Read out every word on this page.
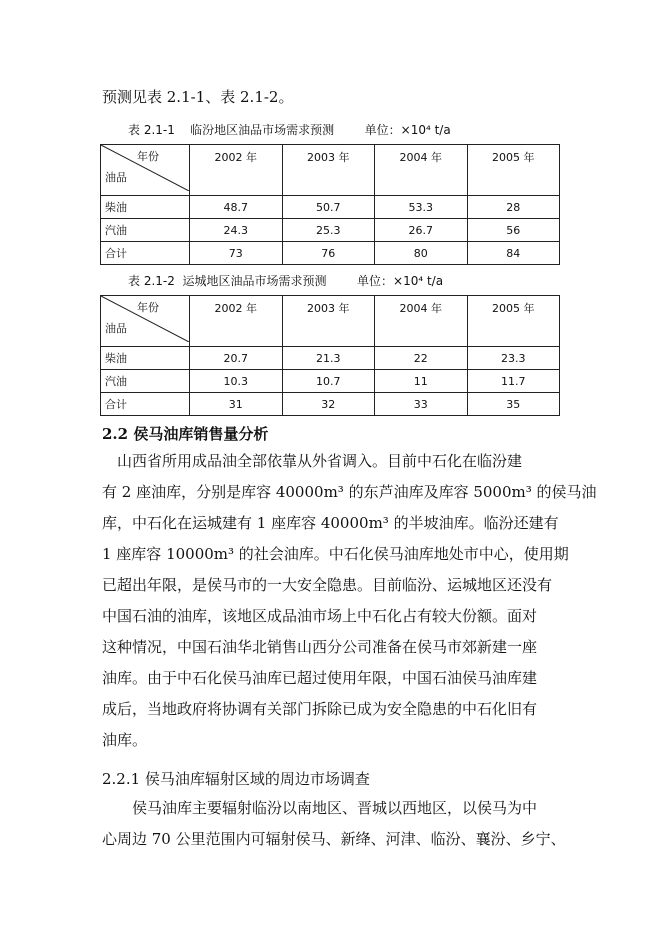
预测见表 2.1-1、表 2.1-2。
表 2.1-1    临汾地区油品市场需求预测        单位：×10⁴ t/a
年份
油品	2002 年	2003 年	2004 年	2005 年
柴油	48.7	50.7	53.3	28
汽油	24.3	25.3	26.7	56
合计	73	76	80	84
表 2.1-2  运城地区油品市场需求预测        单位：×10⁴ t/a
年份
油品	2002 年	2003 年	2004 年	2005 年
柴油	20.7	21.3	22	23.3
汽油	10.3	10.7	11	11.7
合计	31	32	33	35
2.2 侯马油库销售量分析

　山西省所用成品油全部依靠从外省调入。目前中石化在临汾建

有 2 座油库，分别是库容 40000m³ 的东芦油库及库容 5000m³ 的侯马油

库，中石化在运城建有 1 座库容 40000m³ 的半坡油库。临汾还建有

1 座库容 10000m³ 的社会油库。中石化侯马油库地处市中心，使用期

已超出年限，是侯马市的一大安全隐患。目前临汾、运城地区还没有

中国石油的油库，该地区成品油市场上中石化占有较大份额。面对

这种情况，中国石油华北销售山西分公司准备在侯马市郊新建一座

油库。由于中石化侯马油库已超过使用年限，中国石油侯马油库建

成后，当地政府将协调有关部门拆除已成为安全隐患的中石化旧有

油库。

2.2.1 侯马油库辐射区域的周边市场调查

　　侯马油库主要辐射临汾以南地区、晋城以西地区，以侯马为中

心周边 70 公里范围内可辐射侯马、新绛、河津、临汾、襄汾、乡宁、
